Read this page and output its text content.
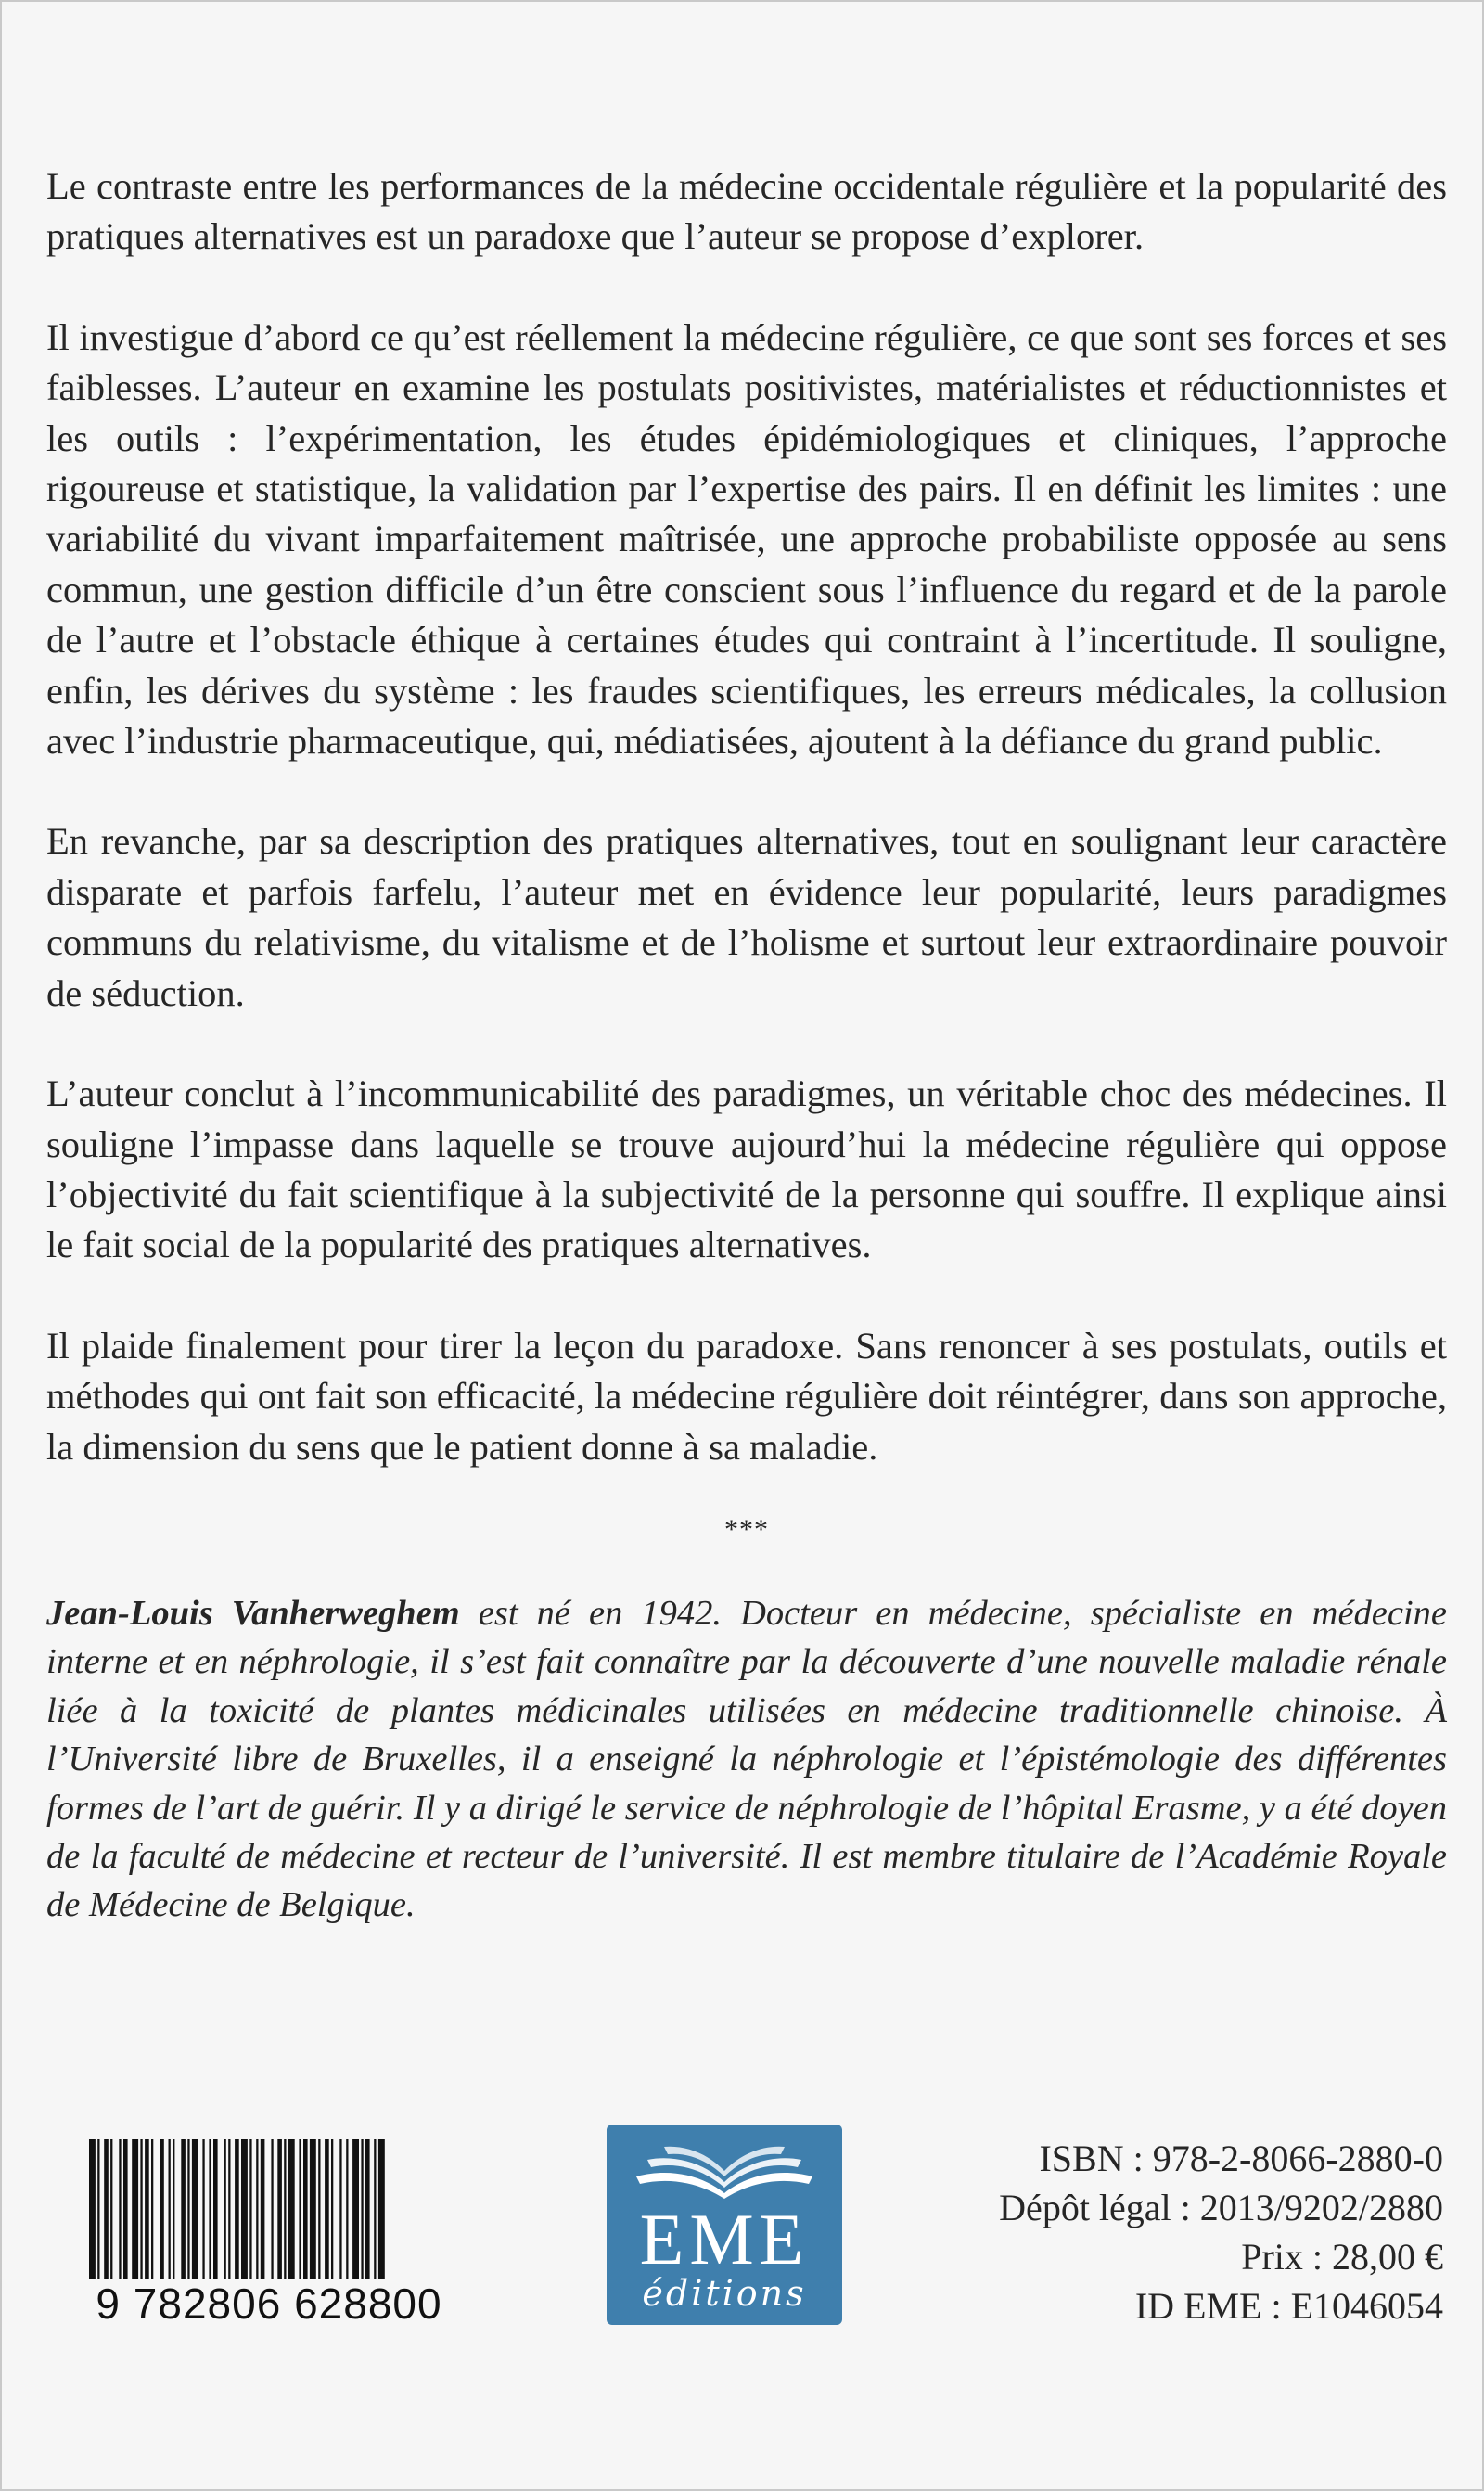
Le contraste entre les performances de la médecine occidentale régulière et la popularité des pratiques alternatives est un paradoxe que l’auteur se propose d’explorer.

Il investigue d’abord ce qu’est réellement la médecine régulière, ce que sont ses forces et ses faiblesses. L’auteur en examine les postulats positivistes, matérialistes et réductionnistes et les outils : l’expérimentation, les études épidémiologiques et cliniques, l’approche rigoureuse et statistique, la validation par l’expertise des pairs. Il en définit les limites : une variabilité du vivant imparfaitement maîtrisée, une approche probabiliste opposée au sens commun, une gestion difficile d’un être conscient sous l’influence du regard et de la parole de l’autre et l’obstacle éthique à certaines études qui contraint à l’incertitude. Il souligne, enfin, les dérives du système : les fraudes scientifiques, les erreurs médicales, la collusion avec l’industrie pharmaceutique, qui, médiatisées, ajoutent à la défiance du grand public.

En revanche, par sa description des pratiques alternatives, tout en soulignant leur caractère disparate et parfois farfelu, l’auteur met en évidence leur popularité, leurs paradigmes communs du relativisme, du vitalisme et de l’holisme et surtout leur extraordinaire pouvoir de séduction.

L’auteur conclut à l’incommunicabilité des paradigmes, un véritable choc des médecines. Il souligne l’impasse dans laquelle se trouve aujourd’hui la médecine régulière qui oppose l’objectivité du fait scientifique à la subjectivité de la personne qui souffre. Il explique ainsi le fait social de la popularité des pratiques alternatives.

Il plaide finalement pour tirer la leçon du paradoxe. Sans renoncer à ses postulats, outils et méthodes qui ont fait son efficacité, la médecine régulière doit réintégrer, dans son approche, la dimension du sens que le patient donne à sa maladie.

***

Jean-Louis Vanherweghem est né en 1942. Docteur en médecine, spécialiste en médecine interne et en néphrologie, il s’est fait connaître par la découverte d’une nouvelle maladie rénale liée à la toxicité de plantes médicinales utilisées en médecine traditionnelle chinoise. À l’Université libre de Bruxelles, il a enseigné la néphrologie et l’épistémologie des différentes formes de l’art de guérir. Il y a dirigé le service de néphrologie de l’hôpital Erasme, y a été doyen de la faculté de médecine et recteur de l’université. Il est membre titulaire de l’Académie Royale de Médecine de Belgique.

9 782806 628800
EME
éditions
ISBN : 978-2-8066-2880-0
Dépôt légal : 2013/9202/2880
Prix : 28,00 €
ID EME : E1046054
